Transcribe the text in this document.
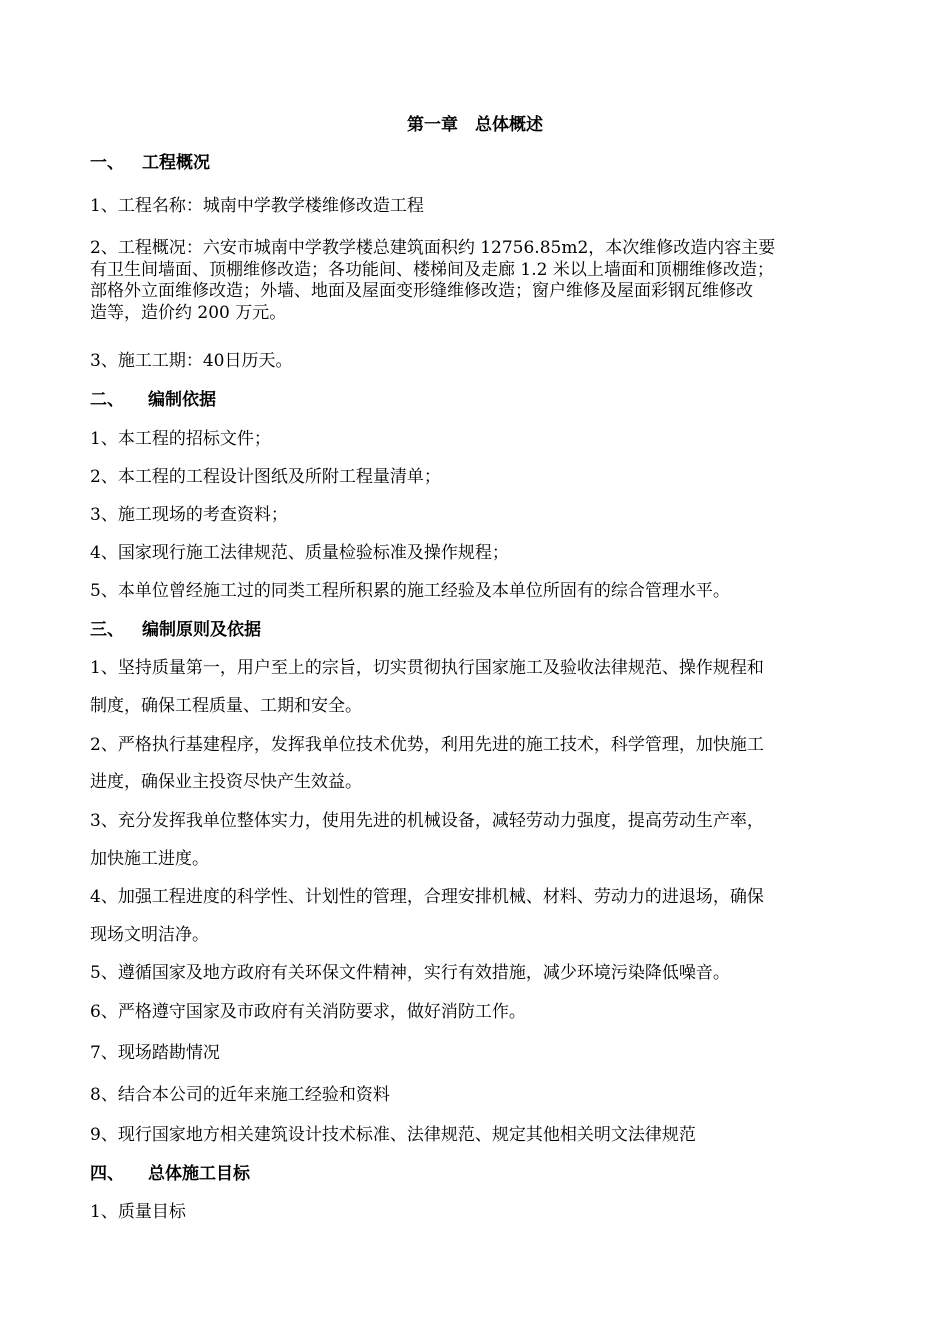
第一章　总体概述
一、 工程概况
1、工程名称：城南中学教学楼维修改造工程
2、工程概况：六安市城南中学教学楼总建筑面积约 12756.85m2，本次维修改造内容主要
有卫生间墙面、顶棚维修改造；各功能间、楼梯间及走廊 1.2 米以上墙面和顶棚维修改造；
部格外立面维修改造；外墙、地面及屋面变形缝维修改造；窗户维修及屋面彩钢瓦维修改
造等，造价约 200 万元。
3、施工工期：40日历天。
二、 编制依据
1、本工程的招标文件；
2、本工程的工程设计图纸及所附工程量清单；
3、施工现场的考查资料；
4、国家现行施工法律规范、质量检验标准及操作规程；
5、本单位曾经施工过的同类工程所积累的施工经验及本单位所固有的综合管理水平。
三、 编制原则及依据
1、坚持质量第一，用户至上的宗旨，切实贯彻执行国家施工及验收法律规范、操作规程和
制度，确保工程质量、工期和安全。
2、严格执行基建程序，发挥我单位技术优势，利用先进的施工技术，科学管理，加快施工
进度，确保业主投资尽快产生效益。
3、充分发挥我单位整体实力，使用先进的机械设备，减轻劳动力强度，提高劳动生产率，
加快施工进度。
4、加强工程进度的科学性、计划性的管理，合理安排机械、材料、劳动力的进退场，确保
现场文明洁净。
5、遵循国家及地方政府有关环保文件精神，实行有效措施，减少环境污染降低噪音。
6、严格遵守国家及市政府有关消防要求，做好消防工作。
7、现场踏勘情况
8、结合本公司的近年来施工经验和资料
9、现行国家地方相关建筑设计技术标准、法律规范、规定其他相关明文法律规范
四、 总体施工目标
1、质量目标
